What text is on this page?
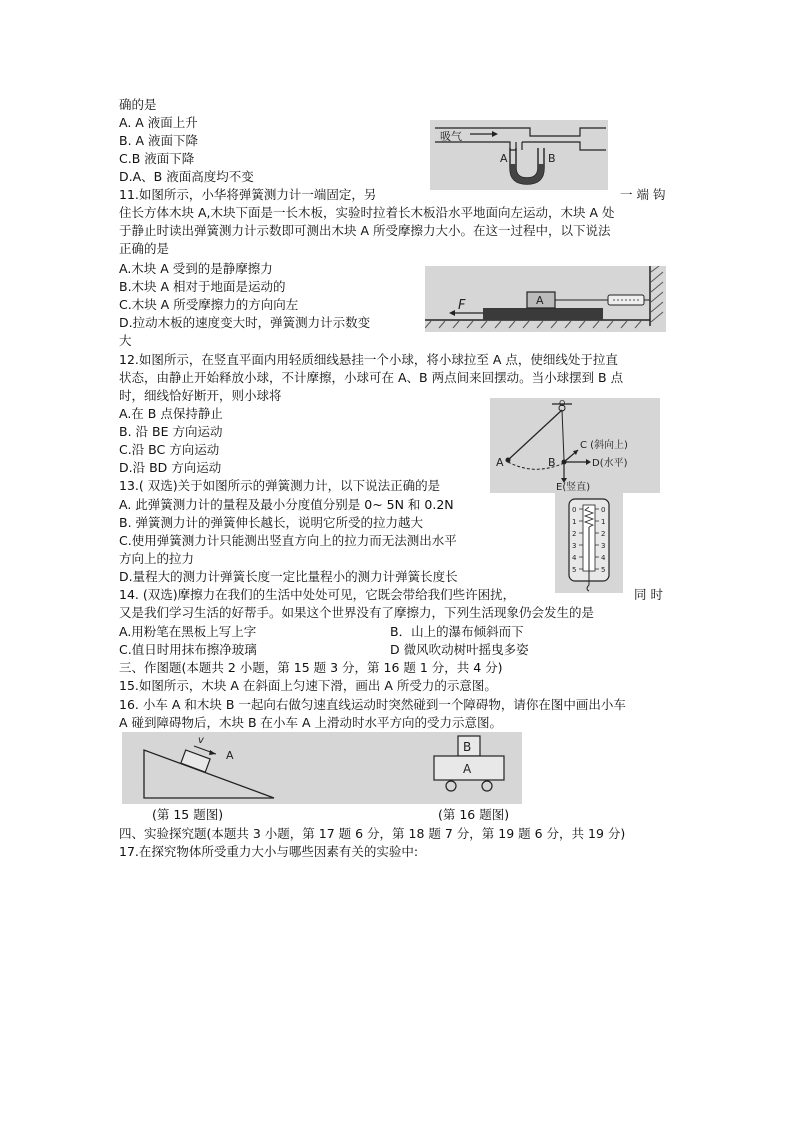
确的是
A. A 液面上升
B. A 液面下降
C.B 液面下降
D.A、B 液面高度均不变
吸气
A	B
11.如图所示，小华将弹簧测力计一端固定，另	一 端 钩
住长方体木块 A,木块下面是一长木板，实验时拉着长木板沿水平地面向左运动，木块 A 处
于静止时读出弹簧测力计示数即可测出木块 A 所受摩擦力大小。在这一过程中，以下说法
正确的是
A.木块 A 受到的是静摩擦力
B.木块 A 相对于地面是运动的
C.木块 A 所受摩擦力的方向向左
D.拉动木板的速度变大时，弹簧测力计示数变
大
F	A
12.如图所示，在竖直平面内用轻质细线悬挂一个小球，将小球拉至 A 点，使细线处于拉直
状态，由静止开始释放小球，不计摩擦，小球可在 A、B 两点间来回摆动。当小球摆到 B 点
时，细线恰好断开，则小球将
A.在 B 点保持静止
B. 沿 BE 方向运动
C.沿 BC 方向运动
D.沿 BD 方向运动
O
A	B
C (斜向上)
D(水平)
E(竖直)
13.( 双选)关于如图所示的弹簧测力计，以下说法正确的是
A. 此弹簧测力计的量程及最小分度值分别是 0~ 5N 和 0.2N
B. 弹簧测力计的弹簧伸长越长，说明它所受的拉力越大
C.使用弹簧测力计只能测出竖直方向上的拉力而无法测出水平
方向上的拉力
D.量程大的测力计弹簧长度一定比量程小的测力计弹簧长度长
0
1
2
3
4
5
0
1
2
3
4
5
14. (双选)摩擦力在我们的生活中处处可见，它既会带给我们些许困扰，	同 时
又是我们学习生活的好帮手。如果这个世界没有了摩擦力，下列生活现象仍会发生的是
A.用粉笔在黑板上写上字	B．山上的瀑布倾斜而下
C.值日时用抹布擦净玻璃	D 微风吹动树叶摇曳多姿
三、作图题(本题共 2 小题，第 15 题 3 分，第 16 题 1 分，共 4 分)
15.如图所示，木块 A 在斜面上匀速下滑，画出 A 所受力的示意图。
16. 小车 A 和木块 B 一起向右做匀速直线运动时突然碰到一个障碍物，请你在图中画出小车
A 碰到障碍物后，木块 B 在小车 A 上滑动时水平方向的受力示意图。
v
A
B
A
(第 15 题图)	(第 16 题图)
四、实验探究题(本题共 3 小题，第 17 题 6 分，第 18 题 7 分，第 19 题 6 分，共 19 分)
17.在探究物体所受重力大小与哪些因素有关的实验中:
